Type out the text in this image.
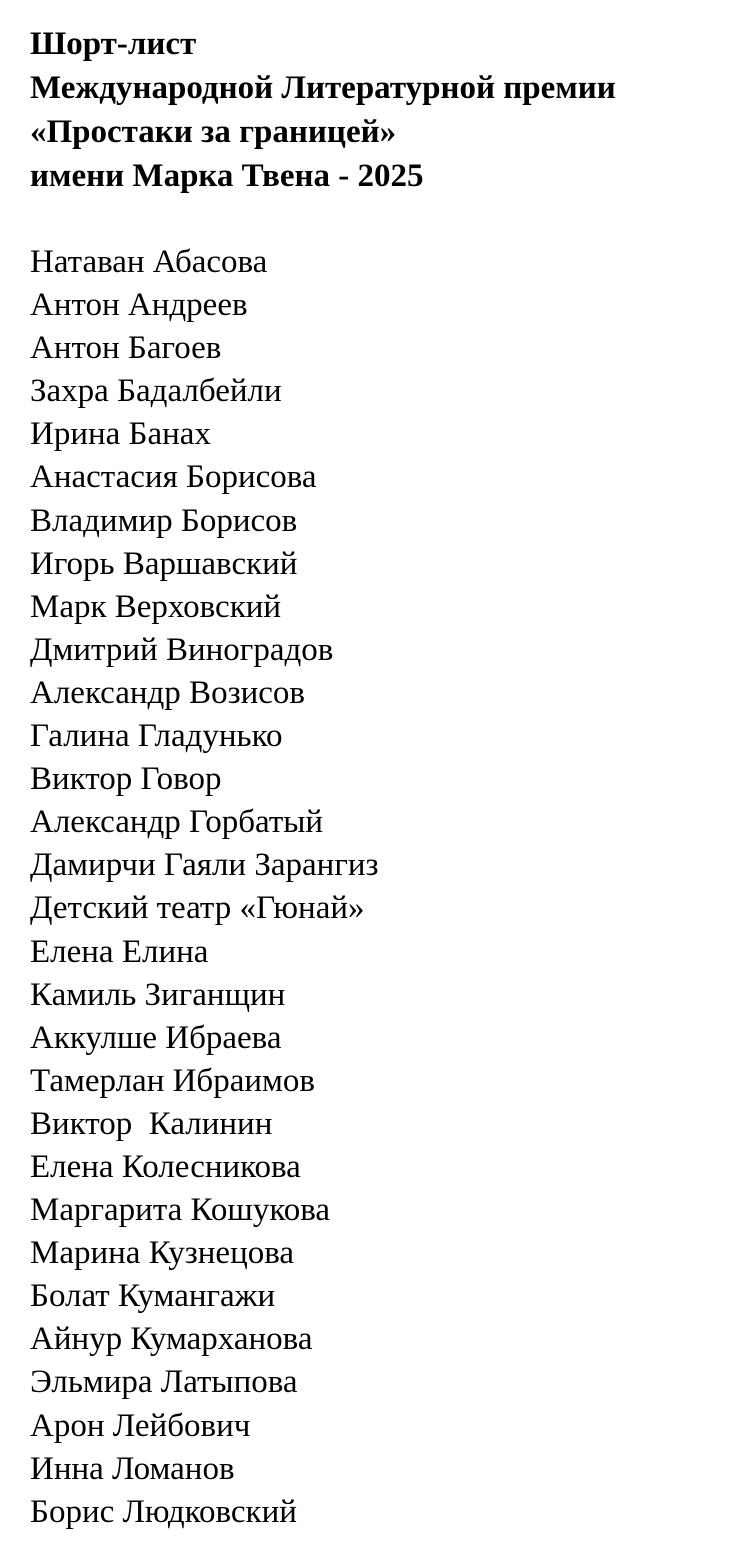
Шорт-лист
Международной Литературной премии
«Простаки за границей»
имени Марка Твена - 2025
Натаван Абасова
Антон Андреев
Антон Багоев
Захра Бадалбейли
Ирина Банах
Анастасия Борисова
Владимир Борисов
Игорь Варшавский
Марк Верховский
Дмитрий Виноградов
Александр Возисов
Галина Гладунько
Виктор Говор
Александр Горбатый
Дамирчи Гаяли Зарангиз
Детский театр «Гюнай»
Елена Елина
Камиль Зиганщин
Аккулше Ибраева
Тамерлан Ибраимов
Виктор  Калинин
Елена Колесникова
Маргарита Кошукова
Марина Кузнецова
Болат Кумангажи
Айнур Кумарханова
Эльмира Латыпова
Арон Лейбович
Инна Ломанов
Борис Людковский
